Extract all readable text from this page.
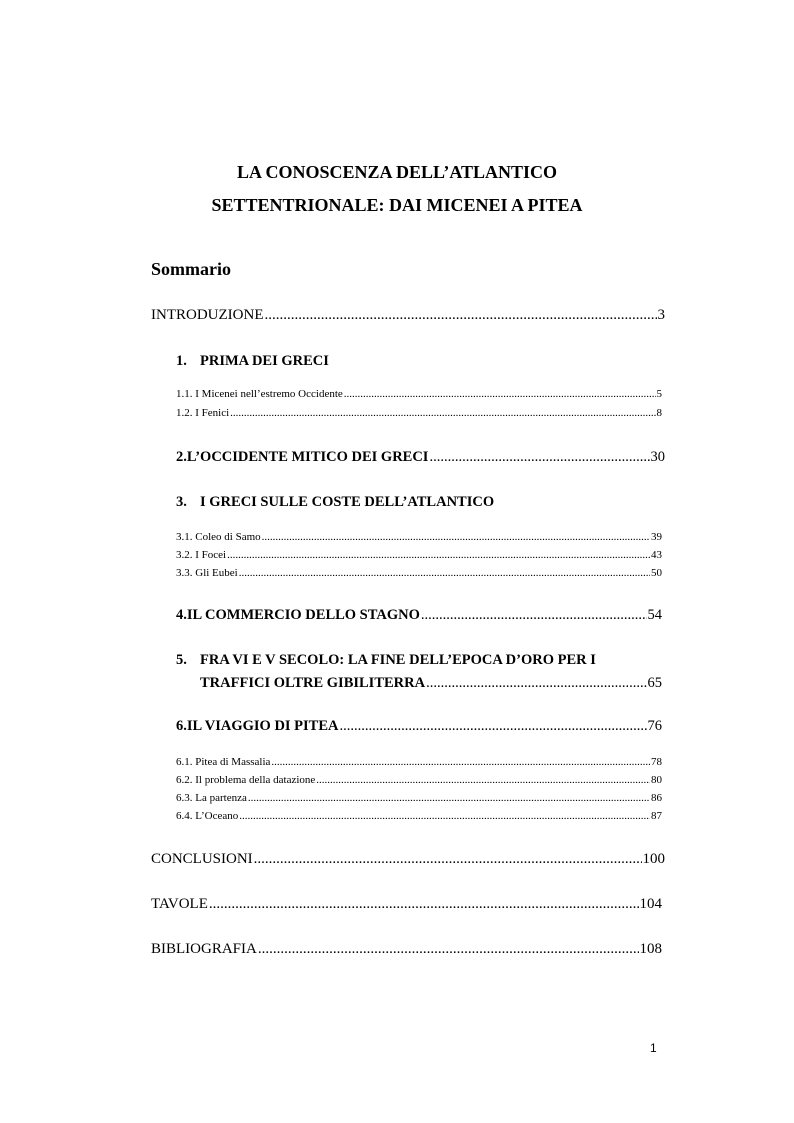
LA CONOSCENZA DELL’ATLANTICO
SETTENTRIONALE: DAI MICENEI A PITEA
Sommario
INTRODUZIONE .....	3
1. PRIMA DEI GRECI
1.1. I Micenei nell’estremo Occidente .....	5
1.2. I Fenici .....	8
2. L’OCCIDENTE MITICO DEI GRECI .....	30
3. I GRECI SULLE COSTE DELL’ATLANTICO
3.1. Coleo di Samo .....	39
3.2. I Focei .....	43
3.3. Gli Eubei .....	50
4. IL COMMERCIO DELLO STAGNO .....	54
5. FRA VI E V SECOLO: LA FINE DELL’EPOCA D’ORO PER I
TRAFFICI OLTRE GIBILITERRA .....	65
6. IL VIAGGIO DI PITEA .....	76
6.1. Pitea di Massalia .....	78
6.2. Il problema della datazione .....	80
6.3. La partenza .....	86
6.4. L’Oceano .....	87
CONCLUSIONI .....	100
TAVOLE .....	104
BIBLIOGRAFIA .....	108
1
